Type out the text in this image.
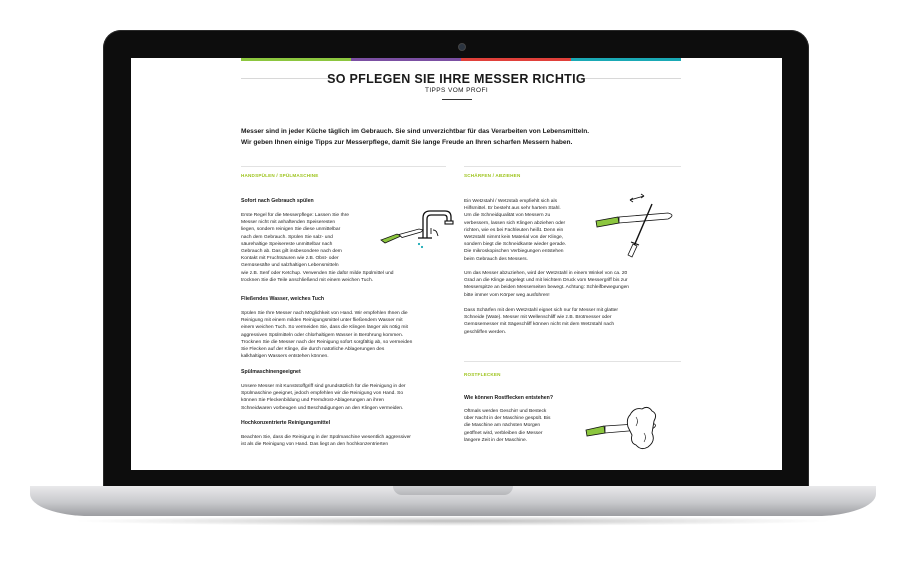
SO PFLEGEN SIE IHRE MESSER RICHTIG
TIPPS VOM PROFI
Messer sind in jeder Küche täglich im Gebrauch. Sie sind unverzichtbar für das Verarbeiten von Lebensmitteln.
Wir geben Ihnen einige Tipps zur Messerpflege, damit Sie lange Freude an Ihren scharfen Messern haben.
HANDSPÜLEN / SPÜLMASCHINE
Sofort nach Gebrauch spülen
Erste Regel für die Messerpflege: Lassen Sie Ihre
Messer nicht mit anhaftenden Speiseresten
liegen, sondern reinigen Sie diese unmittelbar
nach dem Gebrauch. Spülen Sie salz- und
säurehaltige Speisereste unmittelbar nach
Gebrauch ab. Das gilt insbesondere nach dem
Kontakt mit Fruchtsäuren wie z.B. Obst- oder
Gemüsesäfte und salzhaltigen Lebensmitteln
wie z.B. Senf oder Ketchup. Verwenden Sie dafür milde Spülmittel und
trocknen Sie die Teile anschließend mit einem weichen Tuch.
Fließendes Wasser, weiches Tuch
Spülen Sie Ihre Messer nach Möglichkeit von Hand. Wir empfehlen Ihnen die
Reinigung mit einem milden Reinigungsmittel unter fließendem Wasser mit
einem weichen Tuch. So vermeiden Sie, dass die Klingen länger als nötig mit
aggressiven Spülmitteln oder chlorhaltigem Wasser in Berührung kommen.
Trocknen Sie die Messer nach der Reinigung sofort sorgfältig ab, so vermeiden
Sie Flecken auf der Klinge, die durch natürliche Ablagerungen des
kalkhaltigen Wassers entstehen können.
Spülmaschinengeeignet
Unsere Messer mit Kunststoffgriff sind grundsätzlich für die Reinigung in der
Spülmaschine geeignet, jedoch empfehlen wir die Reinigung von Hand. So
können Sie Fleckenbildung und Fremdrost-Ablagerungen an ihren
Schneidwaren vorbeugen und Beschädigungen an den Klingen vermeiden.
Hochkonzentrierte Reinigungsmittel
Beachten Sie, dass die Reinigung in der Spülmaschine wesentlich aggressiver
ist als die Reinigung von Hand. Das liegt an den hochkonzentrierten
SCHÄRFEN / ABZIEHEN
Ein Wetzstahl / Wetzstab empfiehlt sich als
Hilfsmittel. Er besteht aus sehr hartem Stahl.
Um die Schneidqualität von Messern zu
verbessern, lassen sich Klingen abziehen oder
richten, wie es bei Fachleuten heißt. Denn ein
Wetzstahl nimmt kein Material von der Klinge,
sondern biegt die Schneidkante wieder gerade.
Die mikroskopischen Verbiegungen entstehen
beim Gebrauch des Messers.
Um das Messer abzuziehen, wird der Wetzstahl in einem Winkel von ca. 20
Grad an die Klinge angelegt und mit leichtem Druck vom Messergriff bis zur
Messerspitze an beiden Messerseiten bewegt. Achtung: Schleifbewegungen
bitte immer vom Körper weg ausführen!
Dass Schärfen mit dem Wetzstahl eignet sich nur für Messer mit glatter
Schneide (Wate). Messer mit Wellenschliff wie z.B. Brotmesser oder
Gemüsemesser mit Sägeschliff können nicht mit dem Wetzstahl nach
geschliffen werden.
ROSTFLECKEN
Wie können Rostflecken entstehen?
Oftmals werden Geschirr und Besteck
über Nacht in der Maschine gespült. Bis
die Maschine am nächsten Morgen
geöffnet wird, verbleiben die Messer
längere Zeit in der Maschine.
